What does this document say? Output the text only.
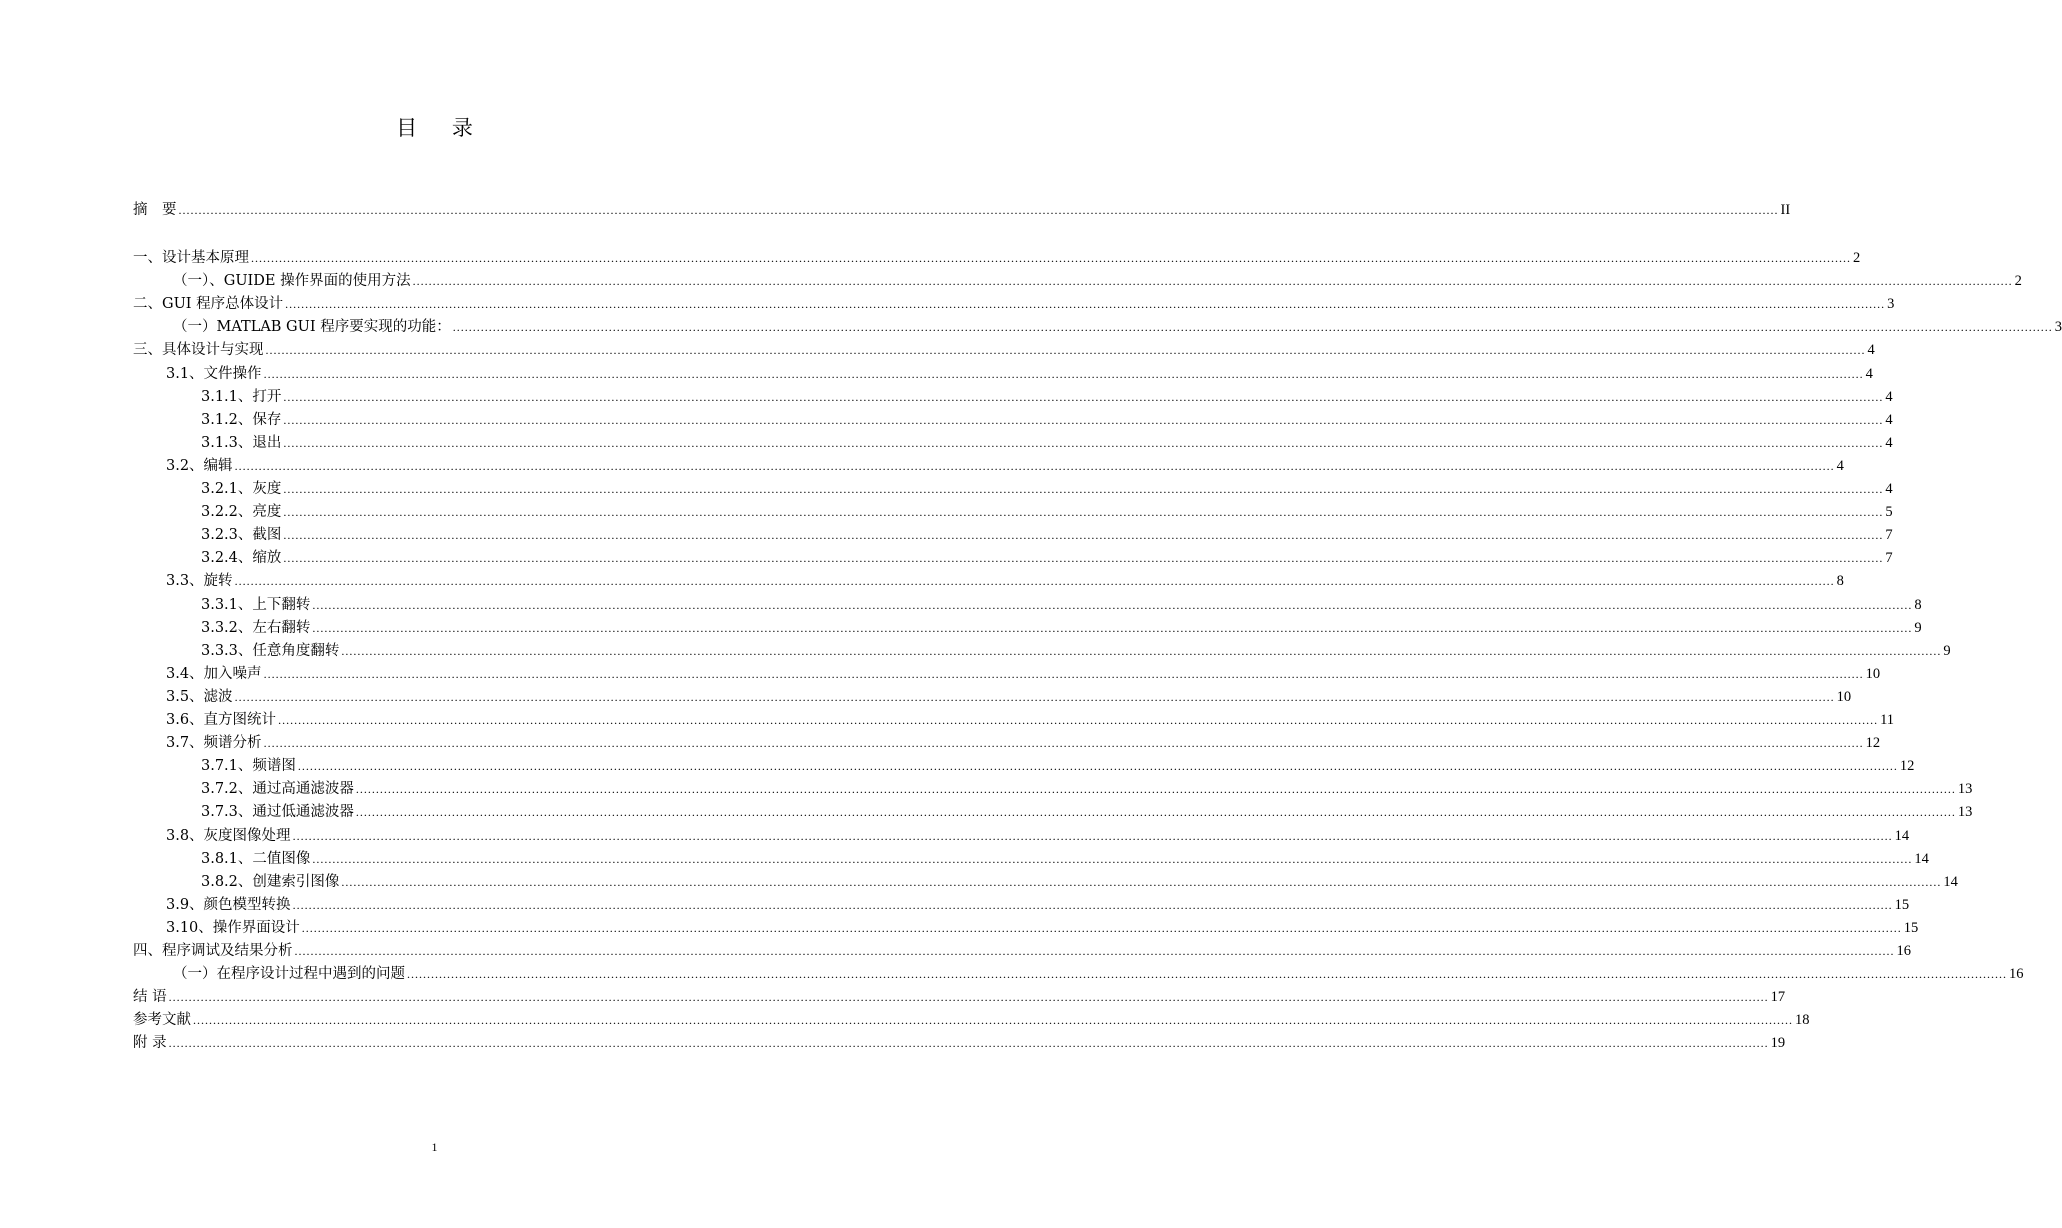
目 录
摘　要 ................................................................................................................................................................................................................................................................................................................................................................................................................ II
一、设计基本原理 ................................................................................................................................................................................................................................................................................................................................................................................................................ 2
（一）、GUIDE 操作界面的使用方法 ................................................................................................................................................................................................................................................................................................................................................................................................................ 2
二、GUI 程序总体设计 ................................................................................................................................................................................................................................................................................................................................................................................................................ 3
（一）MATLAB GUI 程序要实现的功能： ................................................................................................................................................................................................................................................................................................................................................................................................................ 3
三、具体设计与实现 ................................................................................................................................................................................................................................................................................................................................................................................................................ 4
3.1、文件操作 ................................................................................................................................................................................................................................................................................................................................................................................................................ 4
3.1.1、打开 ................................................................................................................................................................................................................................................................................................................................................................................................................ 4
3.1.2、保存 ................................................................................................................................................................................................................................................................................................................................................................................................................ 4
3.1.3、退出 ................................................................................................................................................................................................................................................................................................................................................................................................................ 4
3.2、编辑 ................................................................................................................................................................................................................................................................................................................................................................................................................ 4
3.2.1、灰度 ................................................................................................................................................................................................................................................................................................................................................................................................................ 4
3.2.2、亮度 ................................................................................................................................................................................................................................................................................................................................................................................................................ 5
3.2.3、截图 ................................................................................................................................................................................................................................................................................................................................................................................................................ 7
3.2.4、缩放 ................................................................................................................................................................................................................................................................................................................................................................................................................ 7
3.3、旋转 ................................................................................................................................................................................................................................................................................................................................................................................................................ 8
3.3.1、上下翻转 ................................................................................................................................................................................................................................................................................................................................................................................................................ 8
3.3.2、左右翻转 ................................................................................................................................................................................................................................................................................................................................................................................................................ 9
3.3.3、任意角度翻转 ................................................................................................................................................................................................................................................................................................................................................................................................................ 9
3.4、加入噪声 ................................................................................................................................................................................................................................................................................................................................................................................................................ 10
3.5、滤波 ................................................................................................................................................................................................................................................................................................................................................................................................................ 10
3.6、直方图统计 ................................................................................................................................................................................................................................................................................................................................................................................................................ 11
3.7、频谱分析 ................................................................................................................................................................................................................................................................................................................................................................................................................ 12
3.7.1、频谱图 ................................................................................................................................................................................................................................................................................................................................................................................................................ 12
3.7.2、通过高通滤波器 ................................................................................................................................................................................................................................................................................................................................................................................................................ 13
3.7.3、通过低通滤波器 ................................................................................................................................................................................................................................................................................................................................................................................................................ 13
3.8、灰度图像处理 ................................................................................................................................................................................................................................................................................................................................................................................................................ 14
3.8.1、二值图像 ................................................................................................................................................................................................................................................................................................................................................................................................................ 14
3.8.2、创建索引图像 ................................................................................................................................................................................................................................................................................................................................................................................................................ 14
3.9、颜色模型转换 ................................................................................................................................................................................................................................................................................................................................................................................................................ 15
3.10、操作界面设计 ................................................................................................................................................................................................................................................................................................................................................................................................................ 15
四、程序调试及结果分析 ................................................................................................................................................................................................................................................................................................................................................................................................................ 16
（一）在程序设计过程中遇到的问题 ................................................................................................................................................................................................................................................................................................................................................................................................................ 16
结 语 ................................................................................................................................................................................................................................................................................................................................................................................................................ 17
参考文献 ................................................................................................................................................................................................................................................................................................................................................................................................................ 18
附 录 ................................................................................................................................................................................................................................................................................................................................................................................................................ 19
1
